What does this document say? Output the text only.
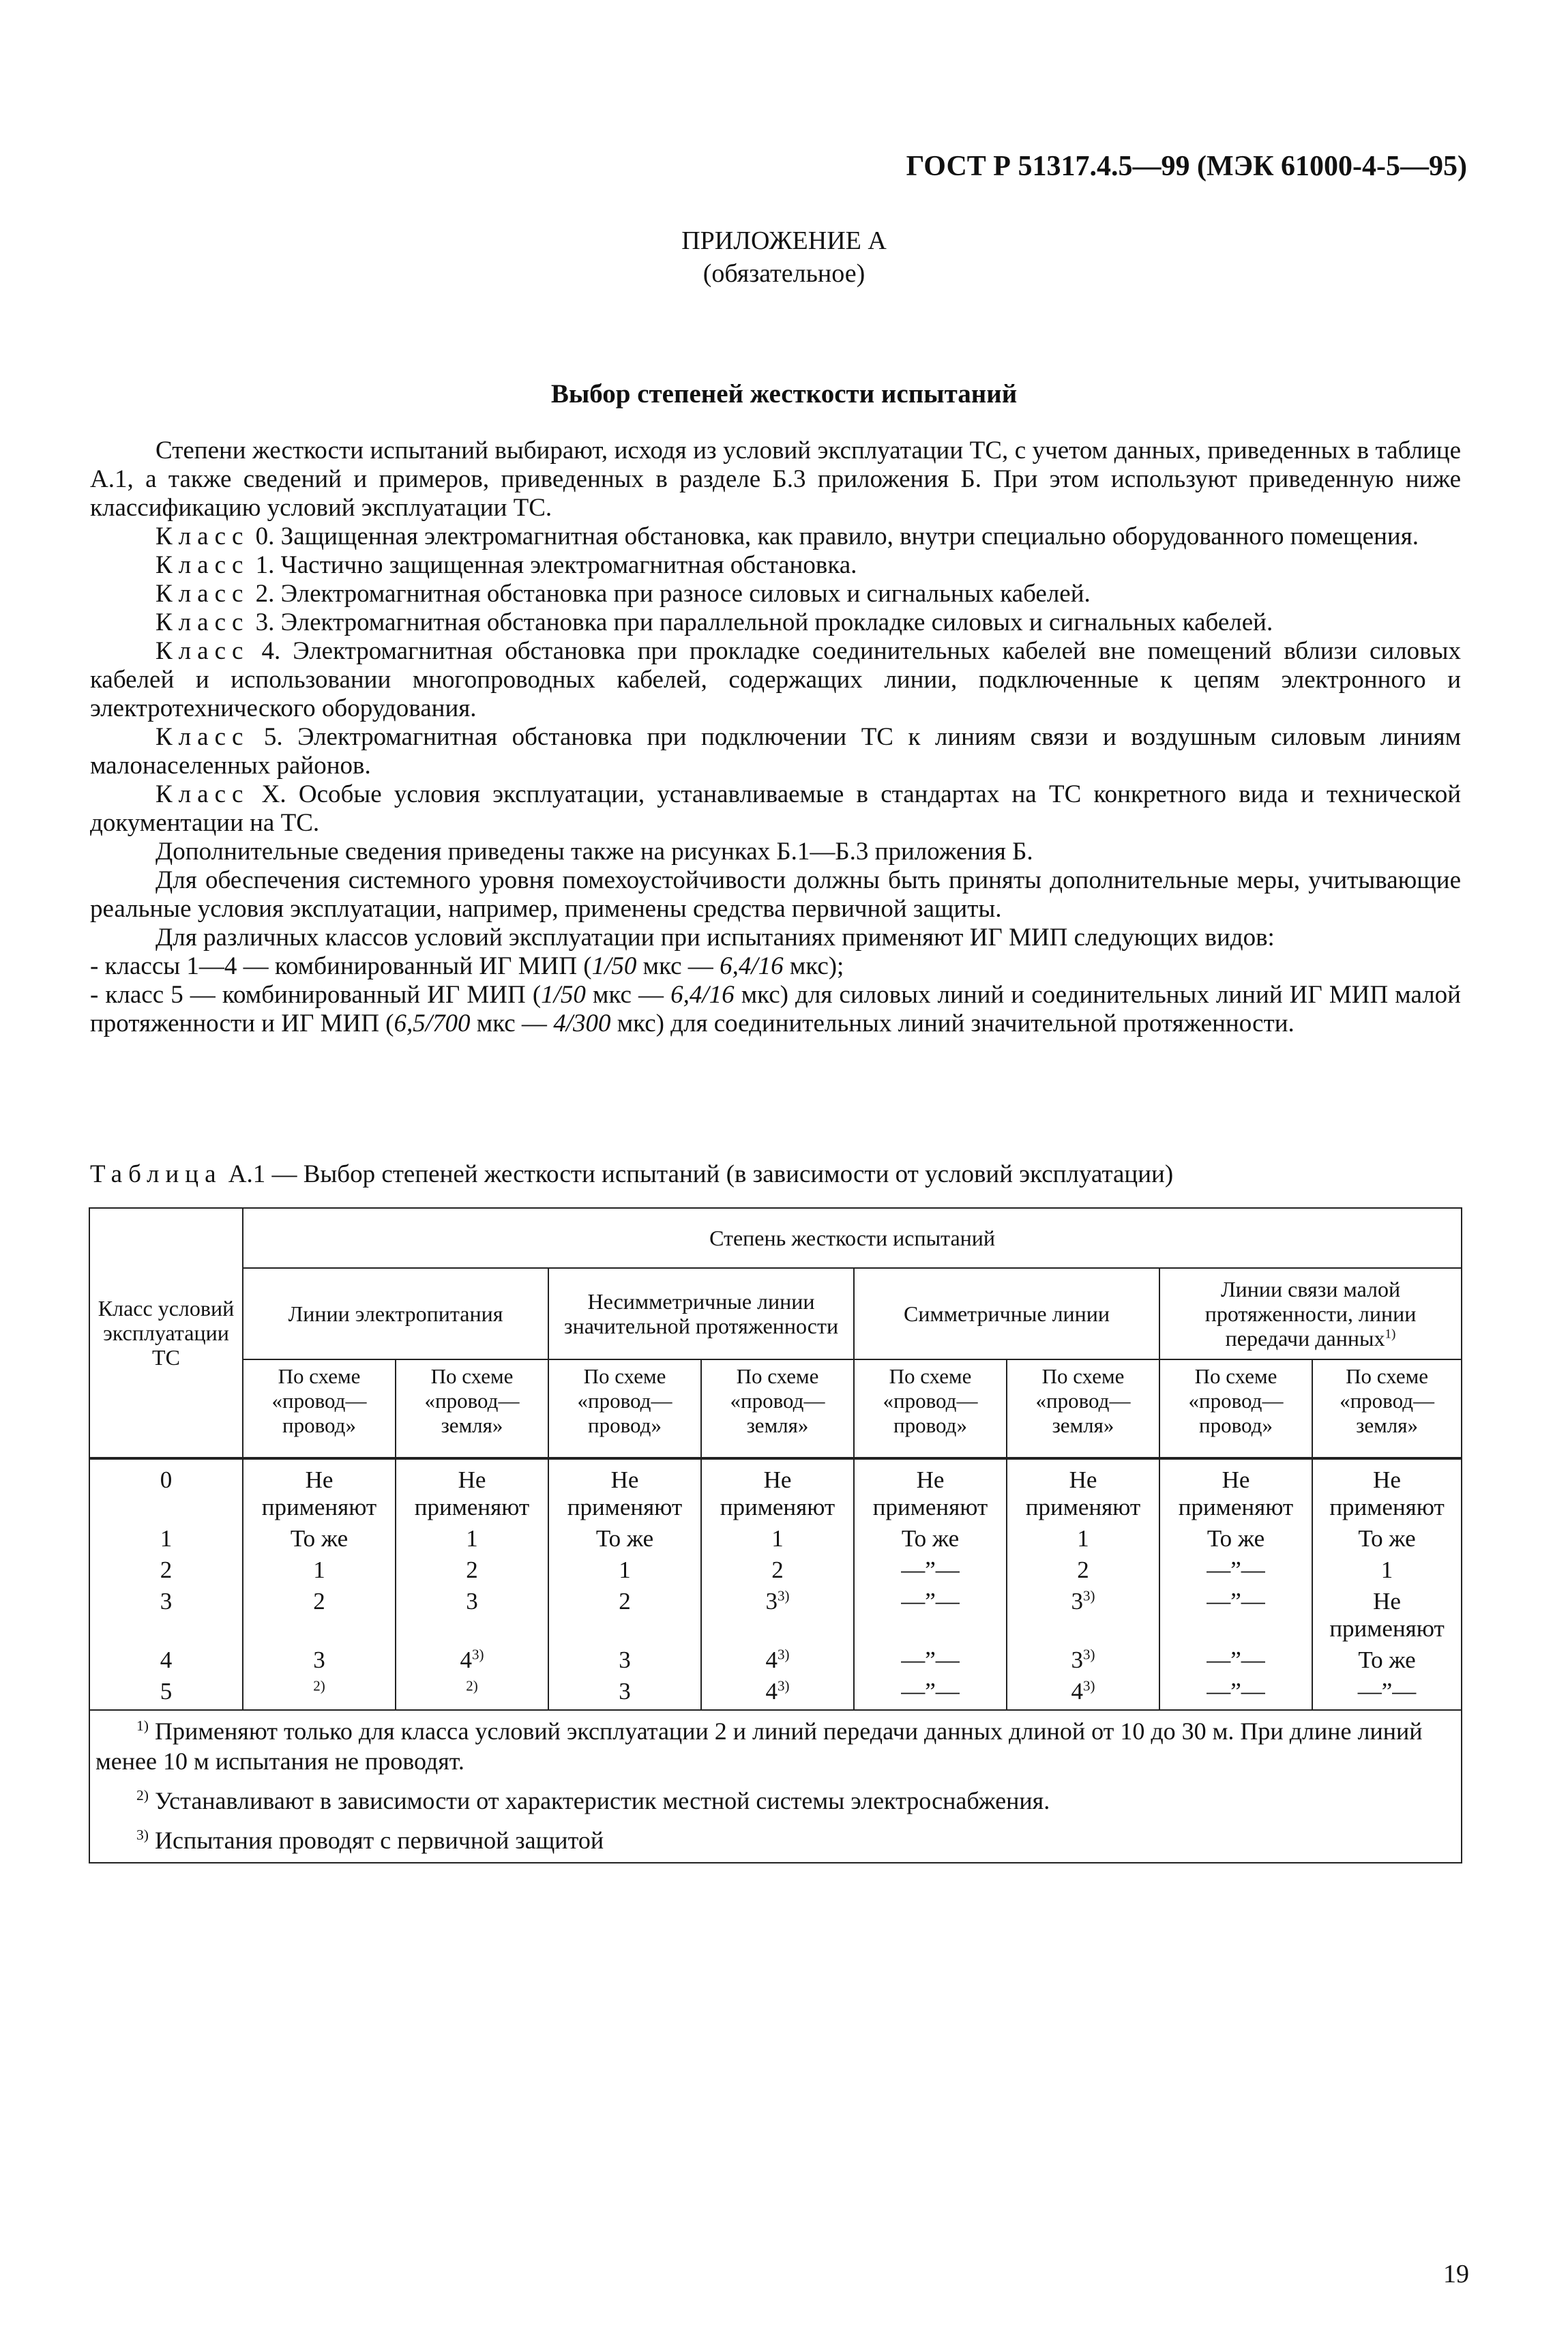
ГОСТ Р 51317.4.5—99 (МЭК 61000-4-5—95)
ПРИЛОЖЕНИЕ А
(обязательное)
Выбор степеней жесткости испытаний

Степени жесткости испытаний выбирают, исходя из условий эксплуатации ТС, с учетом данных, приведенных в таблице А.1, а также сведений и примеров, приведенных в разделе Б.3 приложения Б. При этом используют приведенную ниже классификацию условий эксплуатации ТС.

Класс 0. Защищенная электромагнитная обстановка, как правило, внутри специально оборудованного помещения.

Класс 1. Частично защищенная электромагнитная обстановка.

Класс 2. Электромагнитная обстановка при разносе силовых и сигнальных кабелей.

Класс 3. Электромагнитная обстановка при параллельной прокладке силовых и сигнальных кабелей.

Класс 4. Электромагнитная обстановка при прокладке соединительных кабелей вне помещений вблизи силовых кабелей и использовании многопроводных кабелей, содержащих линии, подключенные к цепям электронного и электротехнического оборудования.

Класс 5. Электромагнитная обстановка при подключении ТС к линиям связи и воздушным силовым линиям малонаселенных районов.

Класс X. Особые условия эксплуатации, устанавливаемые в стандартах на ТС конкретного вида и технической документации на ТС.

Дополнительные сведения приведены также на рисунках Б.1—Б.3 приложения Б.

Для обеспечения системного уровня помехоустойчивости должны быть приняты дополнительные меры, учитывающие реальные условия эксплуатации, например, применены средства первичной защиты.

Для различных классов условий эксплуатации при испытаниях применяют ИГ МИП следующих видов:

- классы 1—4 — комбинированный ИГ МИП (1/50 мкс — 6,4/16 мкс);

- класс 5 — комбинированный ИГ МИП (1/50 мкс — 6,4/16 мкс) для силовых линий и соединительных линий ИГ МИП малой протяженности и ИГ МИП (6,5/700 мкс — 4/300 мкс) для соединительных линий значительной протяженности.

Таблица А.1 — Выбор степеней жесткости испытаний (в зависимости от условий эксплуатации)
Класс условий эксплуатации ТС	Степень жесткости испытаний							
	Линии электропитания		Несимметричные линии значительной протяженности		Симметричные линии		Линии связи малой протяженности, линии передачи данных$^{1)}$
	По схеме «провод—провод»	По схеме «провод—земля»	По схеме «провод—провод»	По схеме «провод—земля»	По схеме «провод—провод»	По схеме «провод—земля»	По схеме «провод—провод»	По схеме «провод—земля»
0	Не применяют	Не применяют	Не применяют	Не применяют	Не применяют	Не применяют	Не применяют	Не применяют
1	То же	1	То же	1	То же	1	То же	То же
2	1	2	1	2	—”—	2	—”—	1
3	2	3	2	3$^{3)}$	—”—	3$^{3)}$	—”—	Не применяют
4	3	4$^{3)}$	3	4$^{3)}$	—”—	3$^{3)}$	—”—	То же
5	$^{2)}$	$^{2)}$	3	4$^{3)}$	—”—	4$^{3)}$	—”—	—”—

$^{1)}$ Применяют только для класса условий эксплуатации 2 и линий передачи данных длиной от 10 до 30 м. При длине линий менее 10 м испытания не проводят.

$^{2)}$ Устанавливают в зависимости от характеристик местной системы электроснабжения.

$^{3)}$ Испытания проводят с первичной защитой								

19
